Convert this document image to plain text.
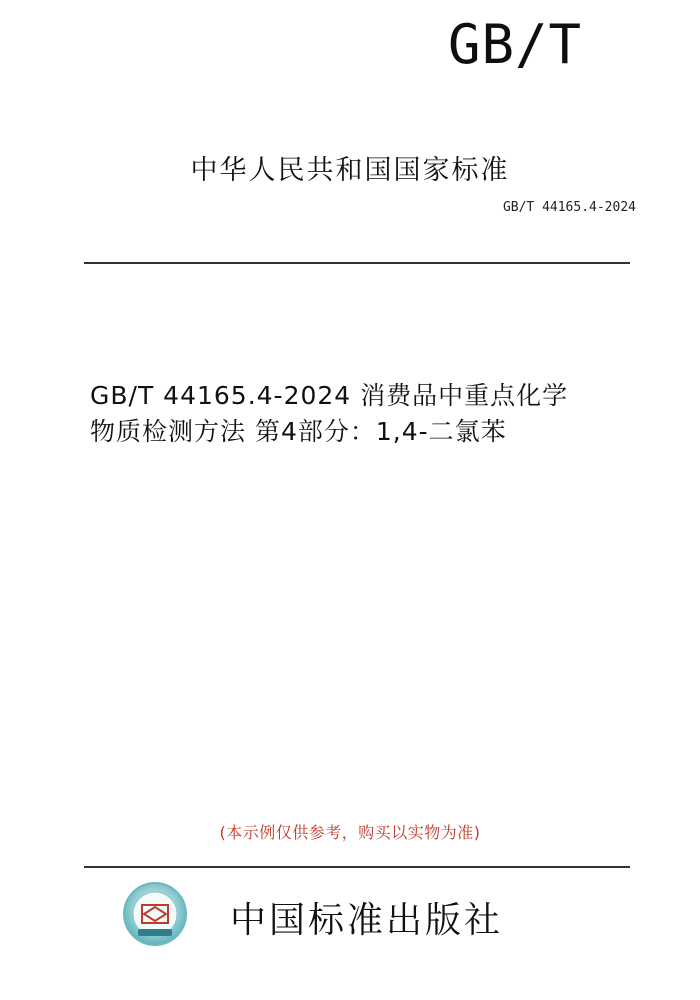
GB/T
中华人民共和国国家标准
GB/T 44165.4-2024
GB/T 44165.4-2024 消费品中重点化学
物质检测方法 第4部分：1,4-二氯苯
(本示例仅供参考，购买以实物为准)
中国标准出版社
